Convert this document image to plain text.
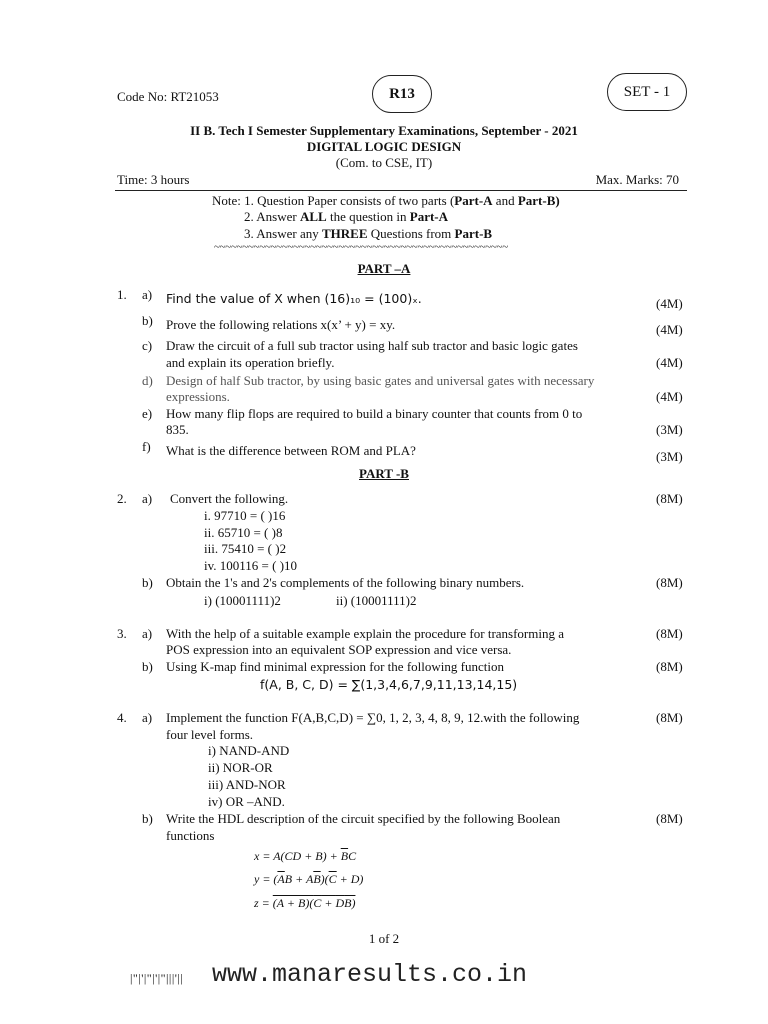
Code No: RT21053	R13	SET - 1
II B. Tech I Semester Supplementary Examinations, September - 2021
DIGITAL LOGIC DESIGN
(Com. to CSE, IT)
Time: 3 hours	Max. Marks: 70
Note: 1. Question Paper consists of two parts (Part-A and Part-B)
2. Answer ALL the question in Part-A
3. Answer any THREE Questions from Part-B
~~~~~~~~~~~~~~~~~~~~~~~~~~~~~~~~~~~~~~~~~~~~~~~~~~~~
PART –A
1. a) Find the value of X when (16)₁₀ = (100)ₓ.	(4M)
b) Prove the following relations x(x’ + y) = xy.	(4M)
c) Draw the circuit of a full sub tractor using half sub tractor and basic logic gates
and explain its operation briefly.	(4M)
d) Design of half Sub tractor, by using basic gates and universal gates with necessary
expressions.	(4M)
e) How many flip flops are required to build a binary counter that counts from 0 to
835.	(3M)
f) What is the difference between ROM and PLA?	(3M)
PART -B
2. a) Convert the following.	(8M)
i. 97710 = ( )16
ii. 65710 = ( )8
iii. 75410 = ( )2
iv. 100116 = ( )10
b) Obtain the 1's and 2's complements of the following binary numbers.	(8M)
i) (10001111)2	ii) (10001111)2
3. a) With the help of a suitable example explain the procedure for transforming a
POS expression into an equivalent SOP expression and vice versa.
(8M)
b) Using K-map find minimal expression for the following function	(8M)
f(A, B, C, D) = ∑(1,3,4,6,7,9,11,13,14,15)
4. a) Implement the function F(A,B,C,D) = ∑0, 1, 2, 3, 4, 8, 9, 12.with the following
four level forms.
(8M)
i) NAND-AND
ii) NOR-OR
iii) AND-NOR
iv) OR –AND.
b) Write the HDL description of the circuit specified by the following Boolean
functions
(8M)
$x = A(CD + B) + \overline{B}C$
$y = (\overline{A}B + A\overline{B})(\overline{C} + D)$
z = (A + B)(C + DB)
1 of 2
|"|'|"|'|"|||'|| www.manaresults.co.in
